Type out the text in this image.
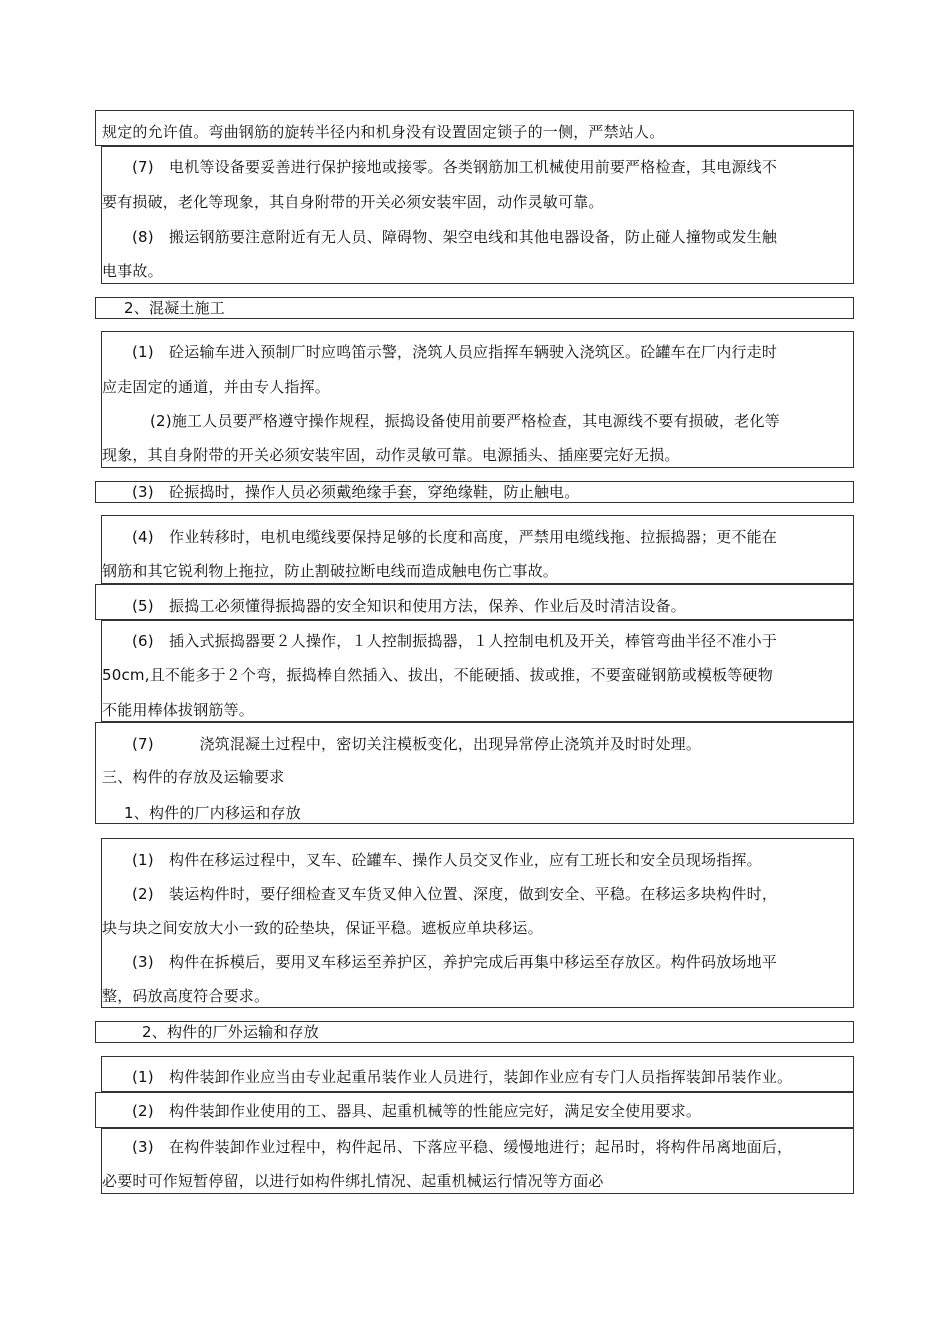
规定的允许值。弯曲钢筋的旋转半径内和机身没有设置固定锁子的一侧，严禁站人。
(7)　电机等设备要妥善进行保护接地或接零。各类钢筋加工机械使用前要严格检查，其电源线不
要有损破，老化等现象，其自身附带的开关必须安装牢固，动作灵敏可靠。
(8)　搬运钢筋要注意附近有无人员、障碍物、架空电线和其他电器设备，防止碰人撞物或发生触
电事故。
2、混凝土施工
(1)　砼运输车进入预制厂时应鸣笛示警，浇筑人员应指挥车辆驶入浇筑区。砼罐车在厂内行走时
应走固定的通道，并由专人指挥。
(2)施工人员要严格遵守操作规程，振捣设备使用前要严格检查，其电源线不要有损破，老化等
现象，其自身附带的开关必须安装牢固，动作灵敏可靠。电源插头、插座要完好无损。
(3)　砼振捣时，操作人员必须戴绝缘手套，穿绝缘鞋，防止触电。
(4)　作业转移时，电机电缆线要保持足够的长度和高度，严禁用电缆线拖、拉振捣器；更不能在
钢筋和其它锐利物上拖拉，防止割破拉断电线而造成触电伤亡事故。
(5)　振捣工必须懂得振捣器的安全知识和使用方法，保养、作业后及时清洁设备。
(6)　插入式振捣器要２人操作，１人控制振捣器，１人控制电机及开关，棒管弯曲半径不准小于
50cm,且不能多于２个弯，振捣棒自然插入、拔出，不能硬插、拔或推，不要蛮碰钢筋或模板等硬物
不能用棒体拔钢筋等。
(7)　　　浇筑混凝土过程中，密切关注模板变化，出现异常停止浇筑并及时时处理。
三、构件的存放及运输要求
1、构件的厂内移运和存放
(1)　构件在移运过程中，叉车、砼罐车、操作人员交叉作业，应有工班长和安全员现场指挥。
(2)　装运构件时，要仔细检查叉车货叉伸入位置、深度，做到安全、平稳。在移运多块构件时，
块与块之间安放大小一致的砼垫块，保证平稳。遮板应单块移运。
(3)　构件在拆模后，要用叉车移运至养护区，养护完成后再集中移运至存放区。构件码放场地平
整，码放高度符合要求。
2、构件的厂外运输和存放
(1)　构件装卸作业应当由专业起重吊装作业人员进行，装卸作业应有专门人员指挥装卸吊装作业。
(2)　构件装卸作业使用的工、器具、起重机械等的性能应完好，满足安全使用要求。
(3)　在构件装卸作业过程中，构件起吊、下落应平稳、缓慢地进行；起吊时，将构件吊离地面后，
必要时可作短暂停留，以进行如构件绑扎情况、起重机械运行情况等方面必
